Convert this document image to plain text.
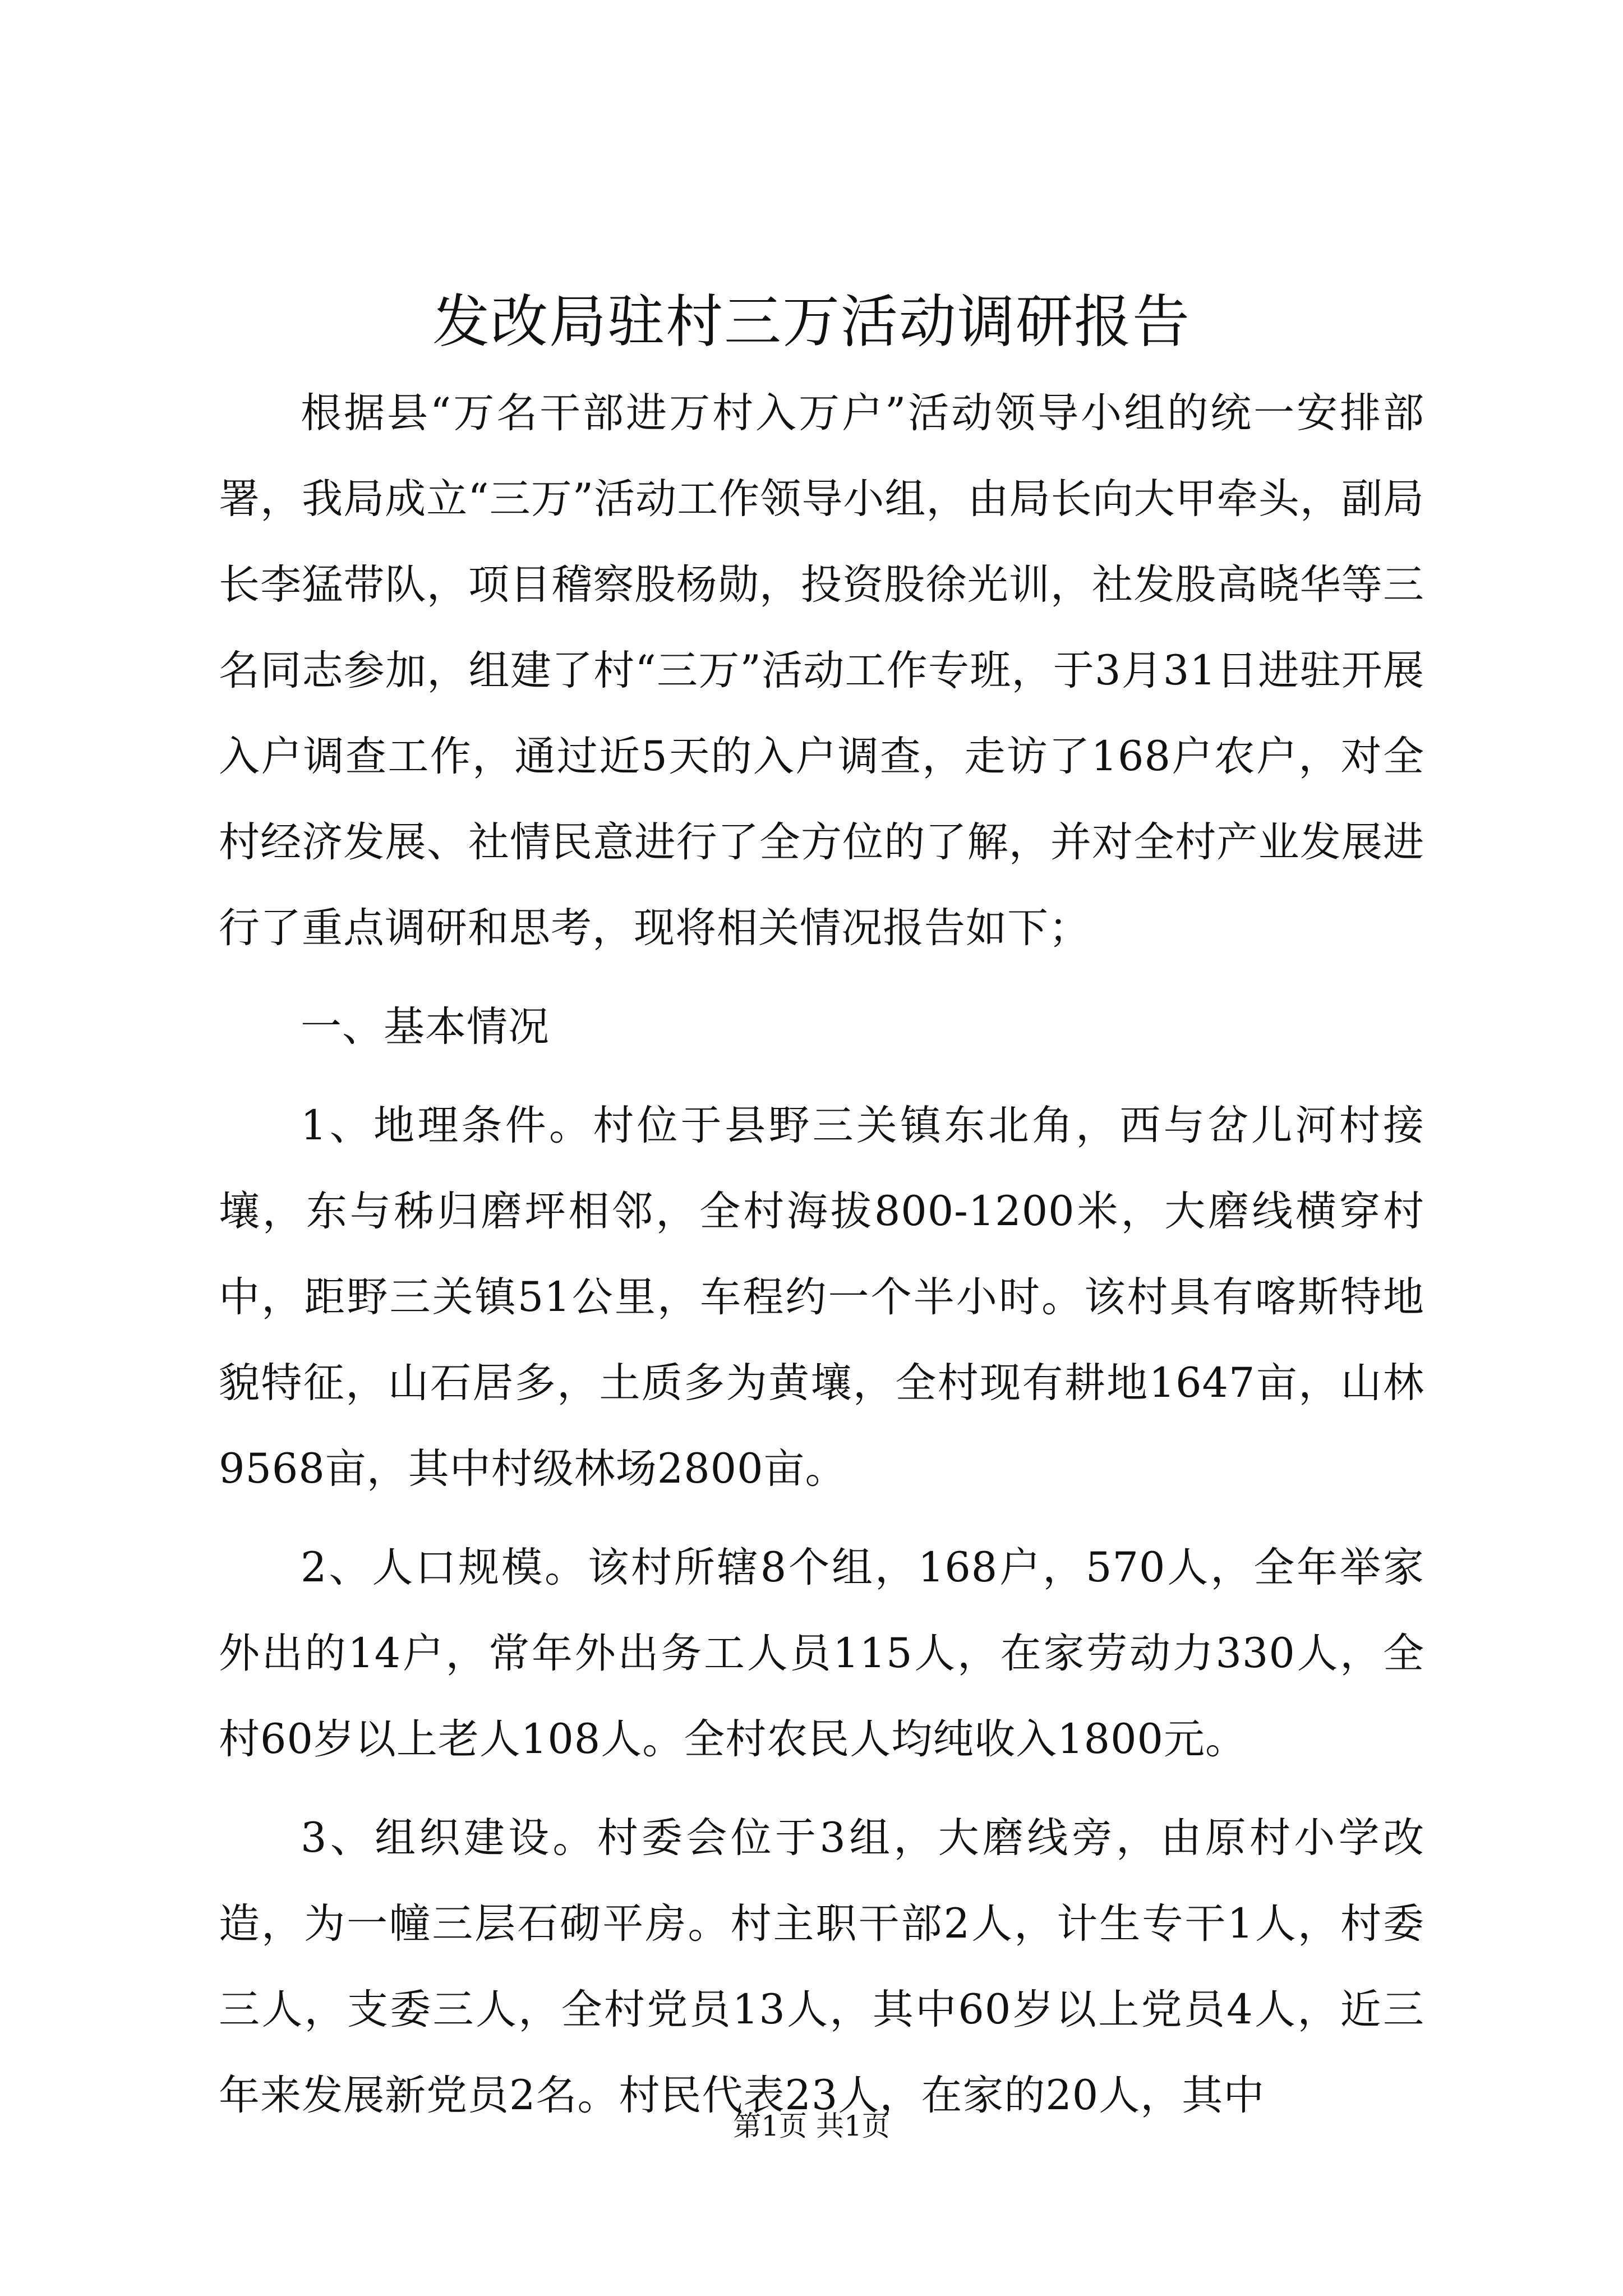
发改局驻村三万活动调研报告

根据县“万名干部进万村入万户”活动领导小组的统一安排部署，我局成立“三万”活动工作领导小组，由局长向大甲牵头，副局长李猛带队，项目稽察股杨勋，投资股徐光训，社发股高晓华等三名同志参加，组建了村“三万”活动工作专班，于3月31日进驻开展入户调查工作，通过近5天的入户调查，走访了168户农户，对全村经济发展、社情民意进行了全方位的了解，并对全村产业发展进行了重点调研和思考，现将相关情况报告如下；

一、基本情况

1、地理条件。村位于县野三关镇东北角，西与岔儿河村接壤，东与秭归磨坪相邻，全村海拔800-1200米，大磨线横穿村中，距野三关镇51公里，车程约一个半小时。该村具有喀斯特地貌特征，山石居多，土质多为黄壤，全村现有耕地1647亩，山林9568亩，其中村级林场2800亩。

2、人口规模。该村所辖8个组，168户，570人，全年举家外出的14户，常年外出务工人员115人，在家劳动力330人，全村60岁以上老人108人。全村农民人均纯收入1800元。

3、组织建设。村委会位于3组，大磨线旁，由原村小学改造，为一幢三层石砌平房。村主职干部2人，计生专干1人，村委三人，支委三人，全村党员13人，其中60岁以上党员4人，近三年来发展新党员2名。村民代表23人，在家的20人，其中

第1页 共1页
